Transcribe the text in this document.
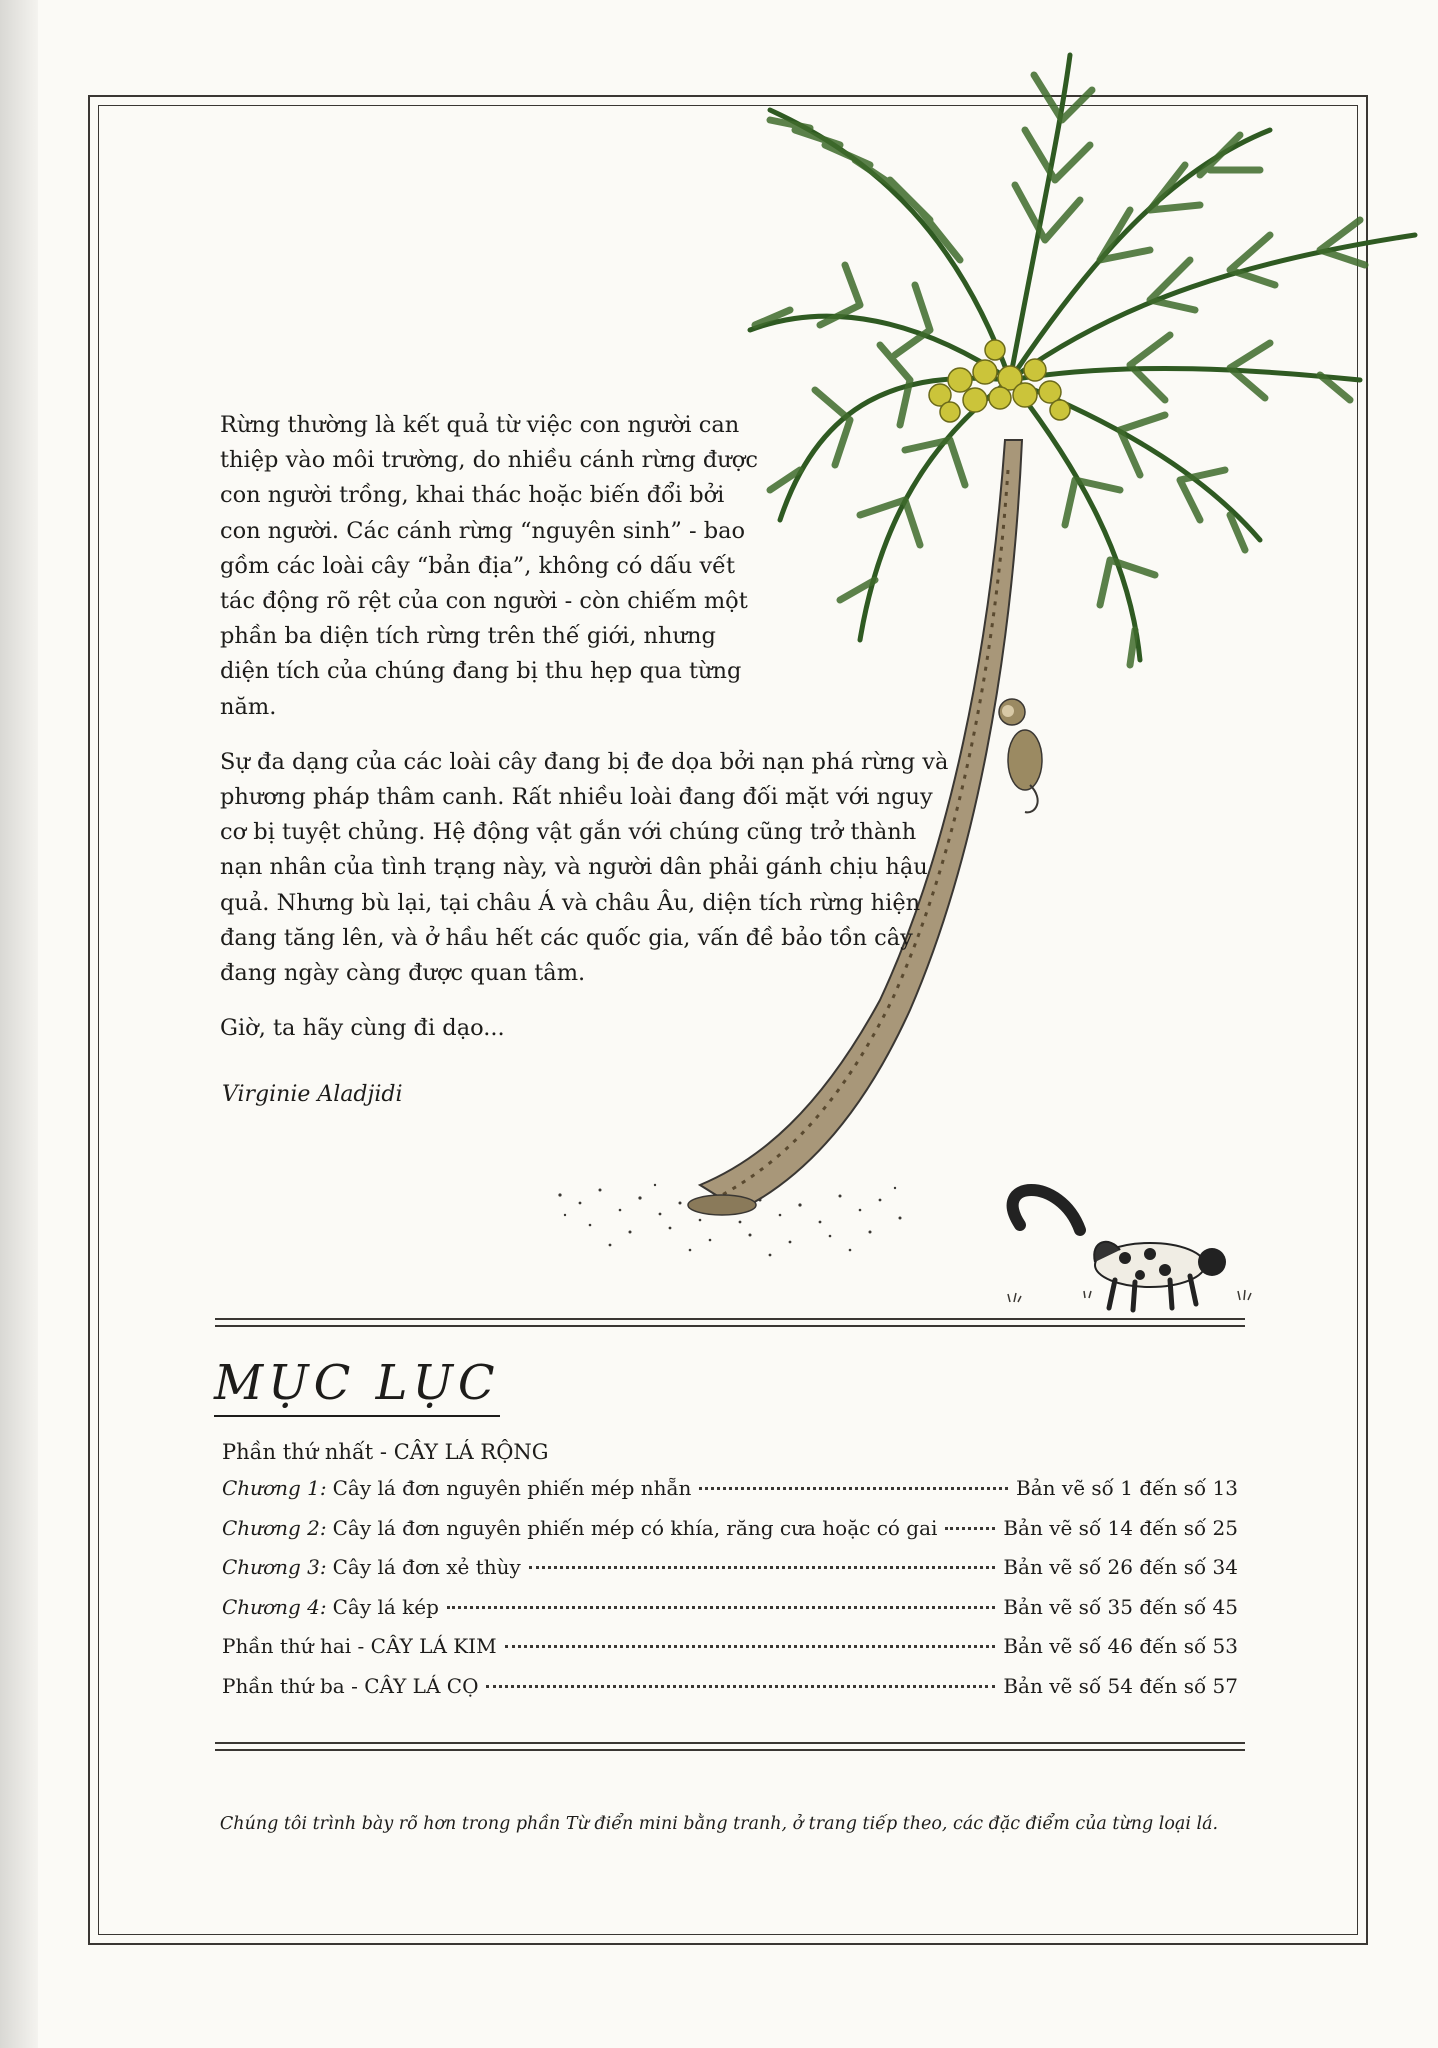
Rừng thường là kết quả từ việc con người can thiệp vào môi trường, do nhiều cánh rừng được con người trồng, khai thác hoặc biến đổi bởi con người. Các cánh rừng “nguyên sinh” - bao gồm các loài cây “bản địa”, không có dấu vết tác động rõ rệt của con người - còn chiếm một phần ba diện tích rừng trên thế giới, nhưng diện tích của chúng đang bị thu hẹp qua từng năm.

Sự đa dạng của các loài cây đang bị đe dọa bởi nạn phá rừng và phương pháp thâm canh. Rất nhiều loài đang đối mặt với nguy cơ bị tuyệt chủng. Hệ động vật gắn với chúng cũng trở thành nạn nhân của tình trạng này, và người dân phải gánh chịu hậu quả. Nhưng bù lại, tại châu Á và châu Âu, diện tích rừng hiện đang tăng lên, và ở hầu hết các quốc gia, vấn đề bảo tồn cây đang ngày càng được quan tâm.

Giờ, ta hãy cùng đi dạo...

Virginie Aladjidi
MỤC LỤC
Phần thứ nhất - CÂY LÁ RỘNG
Chương 1: Cây lá đơn nguyên phiến mép nhẵn	Bản vẽ số 1 đến số 13
Chương 2: Cây lá đơn nguyên phiến mép có khía, răng cưa hoặc có gai	Bản vẽ số 14 đến số 25
Chương 3: Cây lá đơn xẻ thùy	Bản vẽ số 26 đến số 34
Chương 4: Cây lá kép	Bản vẽ số 35 đến số 45
Phần thứ hai - CÂY LÁ KIM	Bản vẽ số 46 đến số 53
Phần thứ ba - CÂY LÁ CỌ	Bản vẽ số 54 đến số 57
Chúng tôi trình bày rõ hơn trong phần Từ điển mini bằng tranh, ở trang tiếp theo, các đặc điểm của từng loại lá.
